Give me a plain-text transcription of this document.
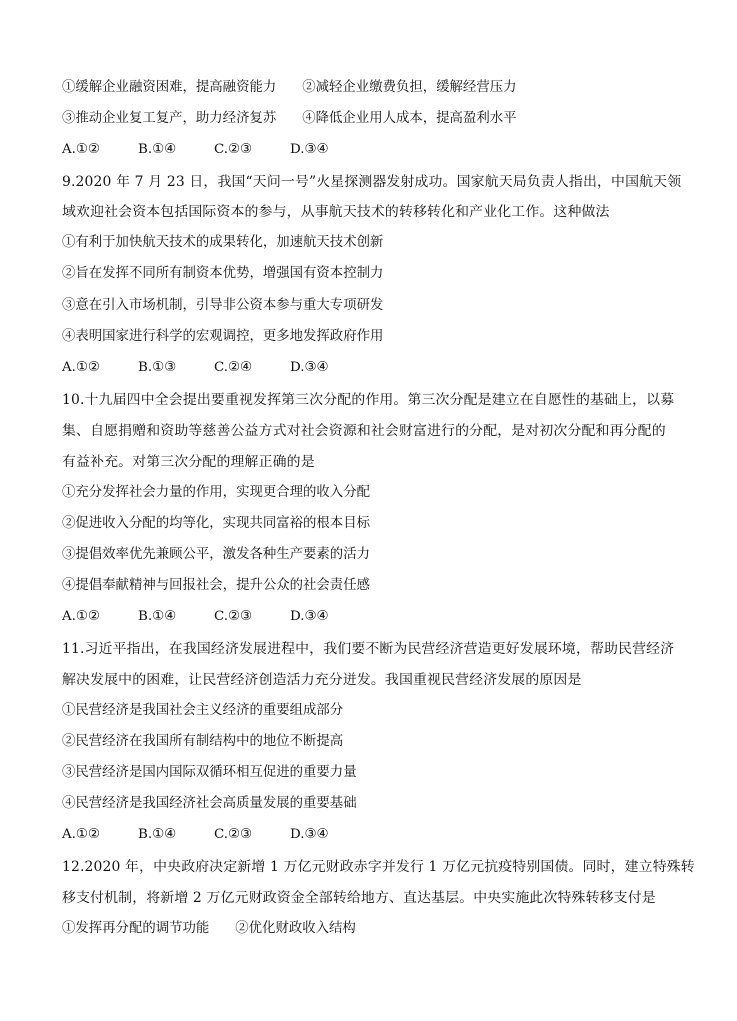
①缓解企业融资困难，提高融资能力 ②减轻企业缴费负担，缓解经营压力
③推动企业复工复产，助力经济复苏 ④降低企业用人成本，提高盈利水平
A.①②	B.①④	C.②③	D.③④
9.2020 年 7 月 23 日，我国“天问一号”火星探测器发射成功。国家航天局负责人指出，中国航天领
域欢迎社会资本包括国际资本的参与，从事航天技术的转移转化和产业化工作。这种做法
①有利于加快航天技术的成果转化，加速航天技术创新
②旨在发挥不同所有制资本优势，增强国有资本控制力
③意在引入市场机制，引导非公资本参与重大专项研发
④表明国家进行科学的宏观调控，更多地发挥政府作用
A.①②	B.①③	C.②④	D.③④
10.十九届四中全会提出要重视发挥第三次分配的作用。第三次分配是建立在自愿性的基础上，以募
集、自愿捐赠和资助等慈善公益方式对社会资源和社会财富进行的分配，是对初次分配和再分配的
有益补充。对第三次分配的理解正确的是
①充分发挥社会力量的作用，实现更合理的收入分配
②促进收入分配的均等化，实现共同富裕的根本目标
③提倡效率优先兼顾公平，激发各种生产要素的活力
④提倡奉献精神与回报社会，提升公众的社会责任感
A.①②	B.①④	C.②③	D.③④
11.习近平指出，在我国经济发展进程中，我们要不断为民营经济营造更好发展环境，帮助民营经济
解决发展中的困难，让民营经济创造活力充分迸发。我国重视民营经济发展的原因是
①民营经济是我国社会主义经济的重要组成部分
②民营经济在我国所有制结构中的地位不断提高
③民营经济是国内国际双循环相互促进的重要力量
④民营经济是我国经济社会高质量发展的重要基础
A.①②	B.①④	C.②③	D.③④
12.2020 年，中央政府决定新增 1 万亿元财政赤字并发行 1 万亿元抗疫特别国债。同时，建立特殊转
移支付机制，将新增 2 万亿元财政资金全部转给地方、直达基层。中央实施此次特殊转移支付是
①发挥再分配的调节功能 ②优化财政收入结构
